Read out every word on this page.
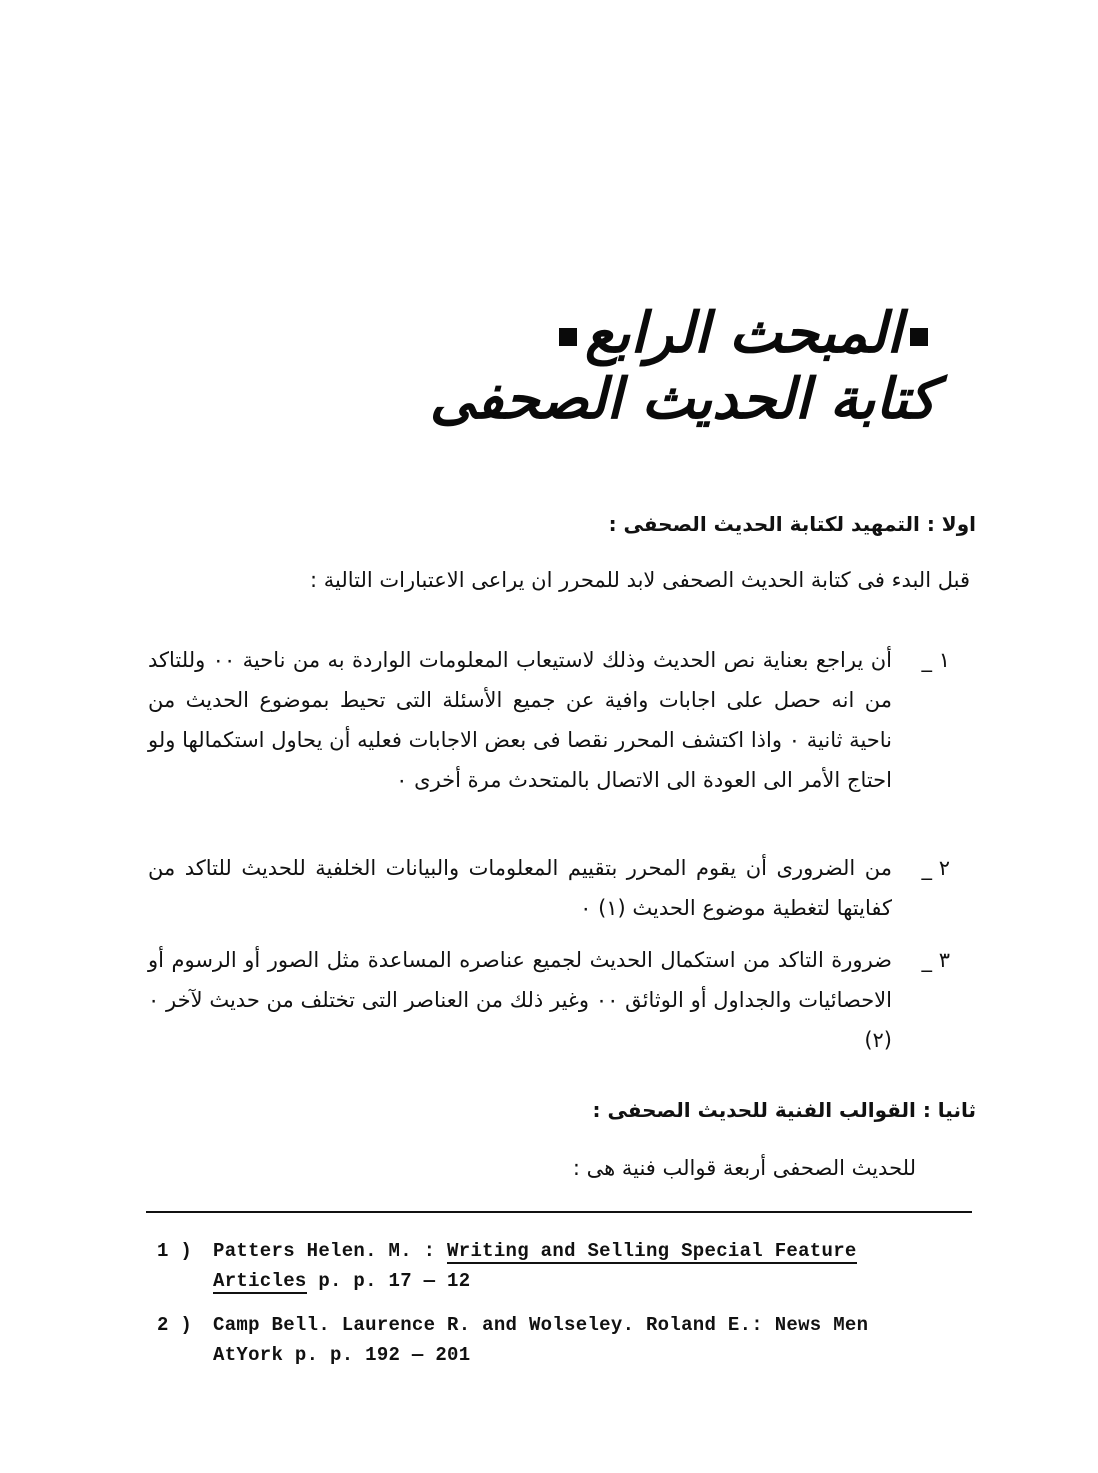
المبحث الرابع
كتابة الحديث الصحفى
اولا : التمهيد لكتابة الحديث الصحفى :
قبل البدء فى كتابة الحديث الصحفى لابد للمحرر ان يراعى الاعتبارات التالية :
١ _
أن يراجع بعناية نص الحديث وذلك لاستيعاب المعلومات الواردة به من ناحية ٠٠ وللتاكد من انه حصل على اجابات وافية عن جميع الأسئلة التى تحيط بموضوع الحديث من ناحية ثانية ٠ واذا اكتشف المحرر نقصا فى بعض الاجابات فعليه أن يحاول استكمالها ولو احتاج الأمر الى العودة الى الاتصال بالمتحدث مرة أخرى ٠
٢ _
من الضرورى أن يقوم المحرر بتقييم المعلومات والبيانات الخلفية للحديث للتاكد من كفايتها لتغطية موضوع الحديث (١) ٠
٣ _
ضرورة التاكد من استكمال الحديث لجميع عناصره المساعدة مثل الصور أو الرسوم أو الاحصائيات والجداول أو الوثائق ٠٠ وغير ذلك من العناصر التى تختلف من حديث لآخر ٠ (٢)
ثانيا : القوالب الفنية للحديث الصحفى :
للحديث الصحفى أربعة قوالب فنية هى :
1 ) Patters Helen. M. : Writing and Selling Special Feature
Articles p. p. 17 — 12
2 ) Camp Bell. Laurence R. and Wolseley. Roland E.: News Men
AtYork p. p. 192 — 201
